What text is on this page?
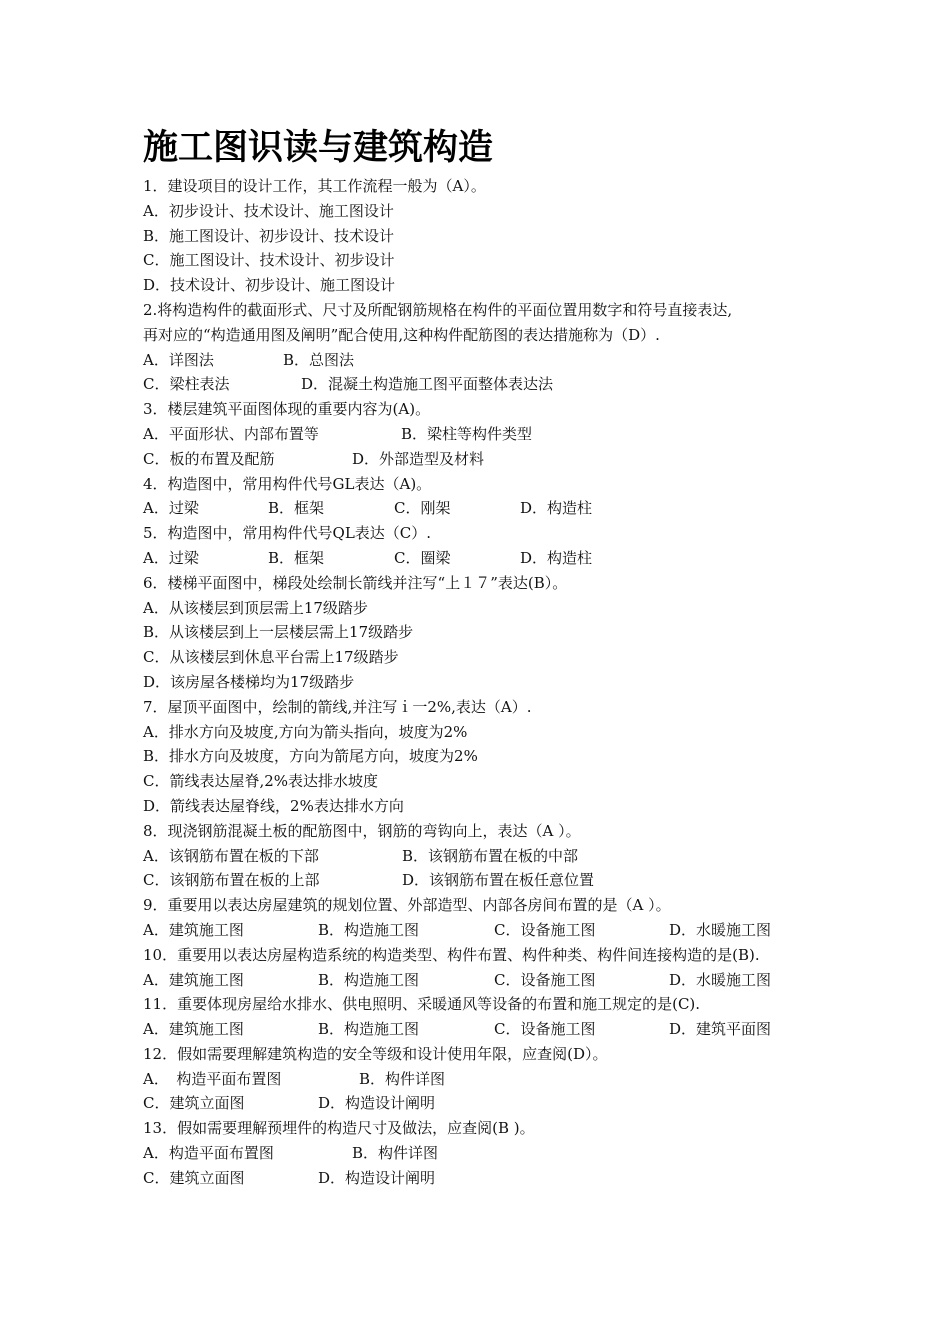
施工图识读与建筑构造
1．建设项目的设计工作，其工作流程一般为（A）。
A．初步设计、技术设计、施工图设计
B．施工图设计、初步设计、技术设计
C．施工图设计、技术设计、初步设计
D．技术设计、初步设计、施工图设计
2.将构造构件的截面形式、尺寸及所配钢筋规格在构件的平面位置用数字和符号直接表达,
再对应的“构造通用图及阐明”配合使用,这种构件配筋图的表达措施称为（D）.
A．详图法	B．总图法
C．梁柱表法	D．混凝土构造施工图平面整体表达法
3．楼层建筑平面图体现的重要内容为(A)。
A．平面形状、内部布置等	B．梁柱等构件类型
C．板的布置及配筋	D．外部造型及材料
4．构造图中，常用构件代号GL表达（A)。
A．过梁	B．框架	C．刚架	D．构造柱
5．构造图中，常用构件代号QL表达（C）.
A．过梁	B．框架	C．圈梁	D．构造柱
6．楼梯平面图中，梯段处绘制长箭线并注写“上１７”表达(B）。
A．从该楼层到顶层需上17级踏步
B．从该楼层到上一层楼层需上17级踏步
C．从该楼层到休息平台需上17级踏步
D．该房屋各楼梯均为17级踏步
7．屋顶平面图中，绘制的箭线,并注写ｉ一2%,表达（A）.
A．排水方向及坡度,方向为箭头指向，坡度为2%
B．排水方向及坡度，方向为箭尾方向，坡度为2%
C．箭线表达屋脊,2%表达排水坡度
D．箭线表达屋脊线，2%表达排水方向
8．现浇钢筋混凝土板的配筋图中，钢筋的弯钩向上，表达（A ）。
A．该钢筋布置在板的下部	B．该钢筋布置在板的中部
C．该钢筋布置在板的上部	D．该钢筋布置在板任意位置
9．重要用以表达房屋建筑的规划位置、外部造型、内部各房间布置的是（A ）。
A．建筑施工图	B．构造施工图	C．设备施工图	D．水暖施工图
10．重要用以表达房屋构造系统的构造类型、构件布置、构件种类、构件间连接构造的是(B).
A．建筑施工图	B．构造施工图	C．设备施工图	D．水暖施工图
11．重要体现房屋给水排水、供电照明、采暖通风等设备的布置和施工规定的是(C).
A．建筑施工图	B．构造施工图	C．设备施工图	D．建筑平面图
12．假如需要理解建筑构造的安全等级和设计使用年限，应查阅(D）。
A．　构造平面布置图	B．构件详图
C．建筑立面图	D．构造设计阐明
13．假如需要理解预埋件的构造尺寸及做法，应查阅(B )。
A．构造平面布置图	B．构件详图
C．建筑立面图	D．构造设计阐明
